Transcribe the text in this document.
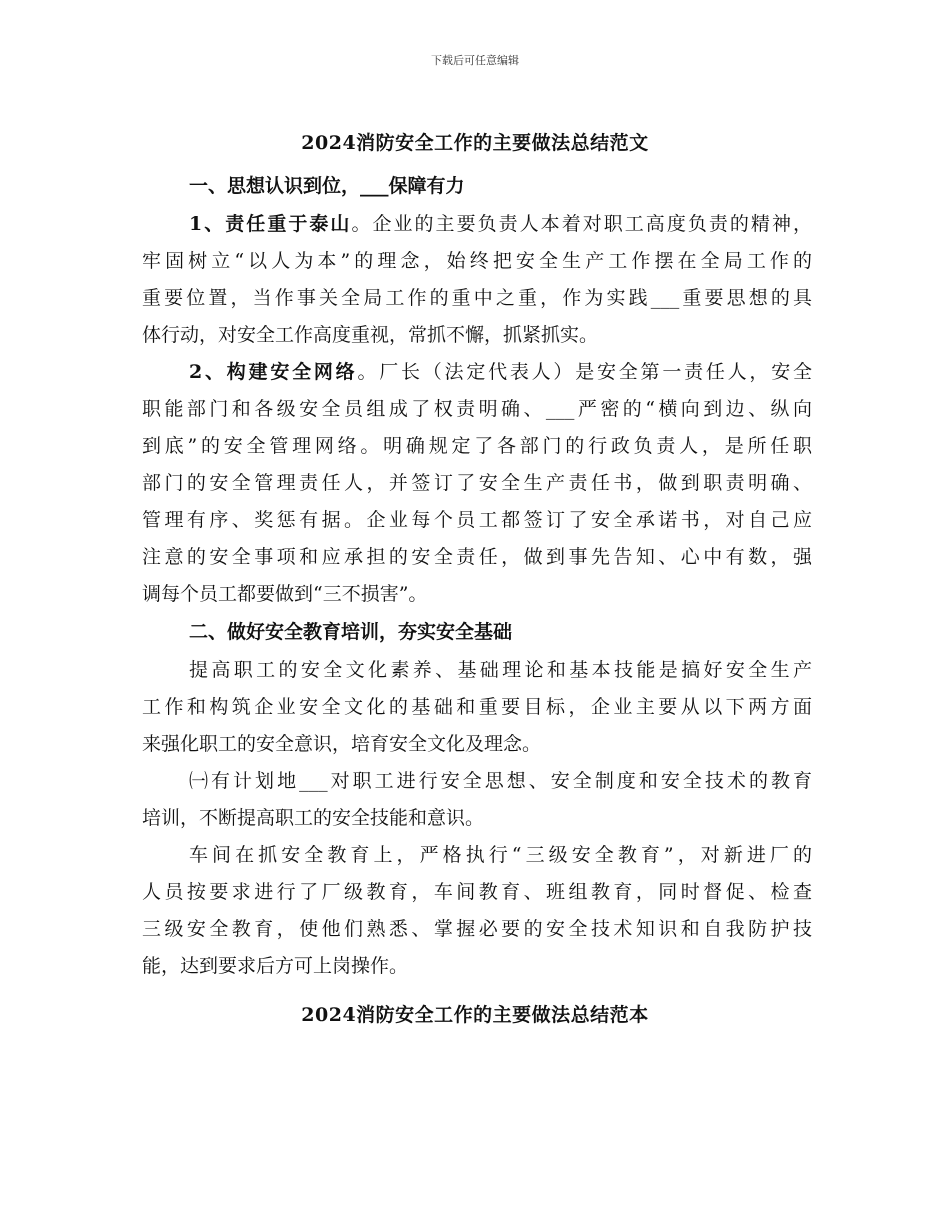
下载后可任意编辑
2024消防安全工作的主要做法总结范文
一、思想认识到位，___保障有力
1、责任重于泰山。企业的主要负责人本着对职工高度负责的精神，
牢固树立“以人为本”的理念，始终把安全生产工作摆在全局工作的
重要位置，当作事关全局工作的重中之重，作为实践___重要思想的具
体行动，对安全工作高度重视，常抓不懈，抓紧抓实。
2、构建安全网络。厂长（法定代表人）是安全第一责任人，安全
职能部门和各级安全员组成了权责明确、___严密的“横向到边、纵向
到底”的安全管理网络。明确规定了各部门的行政负责人，是所任职
部门的安全管理责任人，并签订了安全生产责任书，做到职责明确、
管理有序、奖惩有据。企业每个员工都签订了安全承诺书，对自己应
注意的安全事项和应承担的安全责任，做到事先告知、心中有数，强
调每个员工都要做到“三不损害”。
二、做好安全教育培训，夯实安全基础
提高职工的安全文化素养、基础理论和基本技能是搞好安全生产
工作和构筑企业安全文化的基础和重要目标，企业主要从以下两方面
来强化职工的安全意识，培育安全文化及理念。
㈠有计划地___对职工进行安全思想、安全制度和安全技术的教育
培训，不断提高职工的安全技能和意识。
车间在抓安全教育上，严格执行“三级安全教育”，对新进厂的
人员按要求进行了厂级教育，车间教育、班组教育，同时督促、检查
三级安全教育，使他们熟悉、掌握必要的安全技术知识和自我防护技
能，达到要求后方可上岗操作。
2024消防安全工作的主要做法总结范本
